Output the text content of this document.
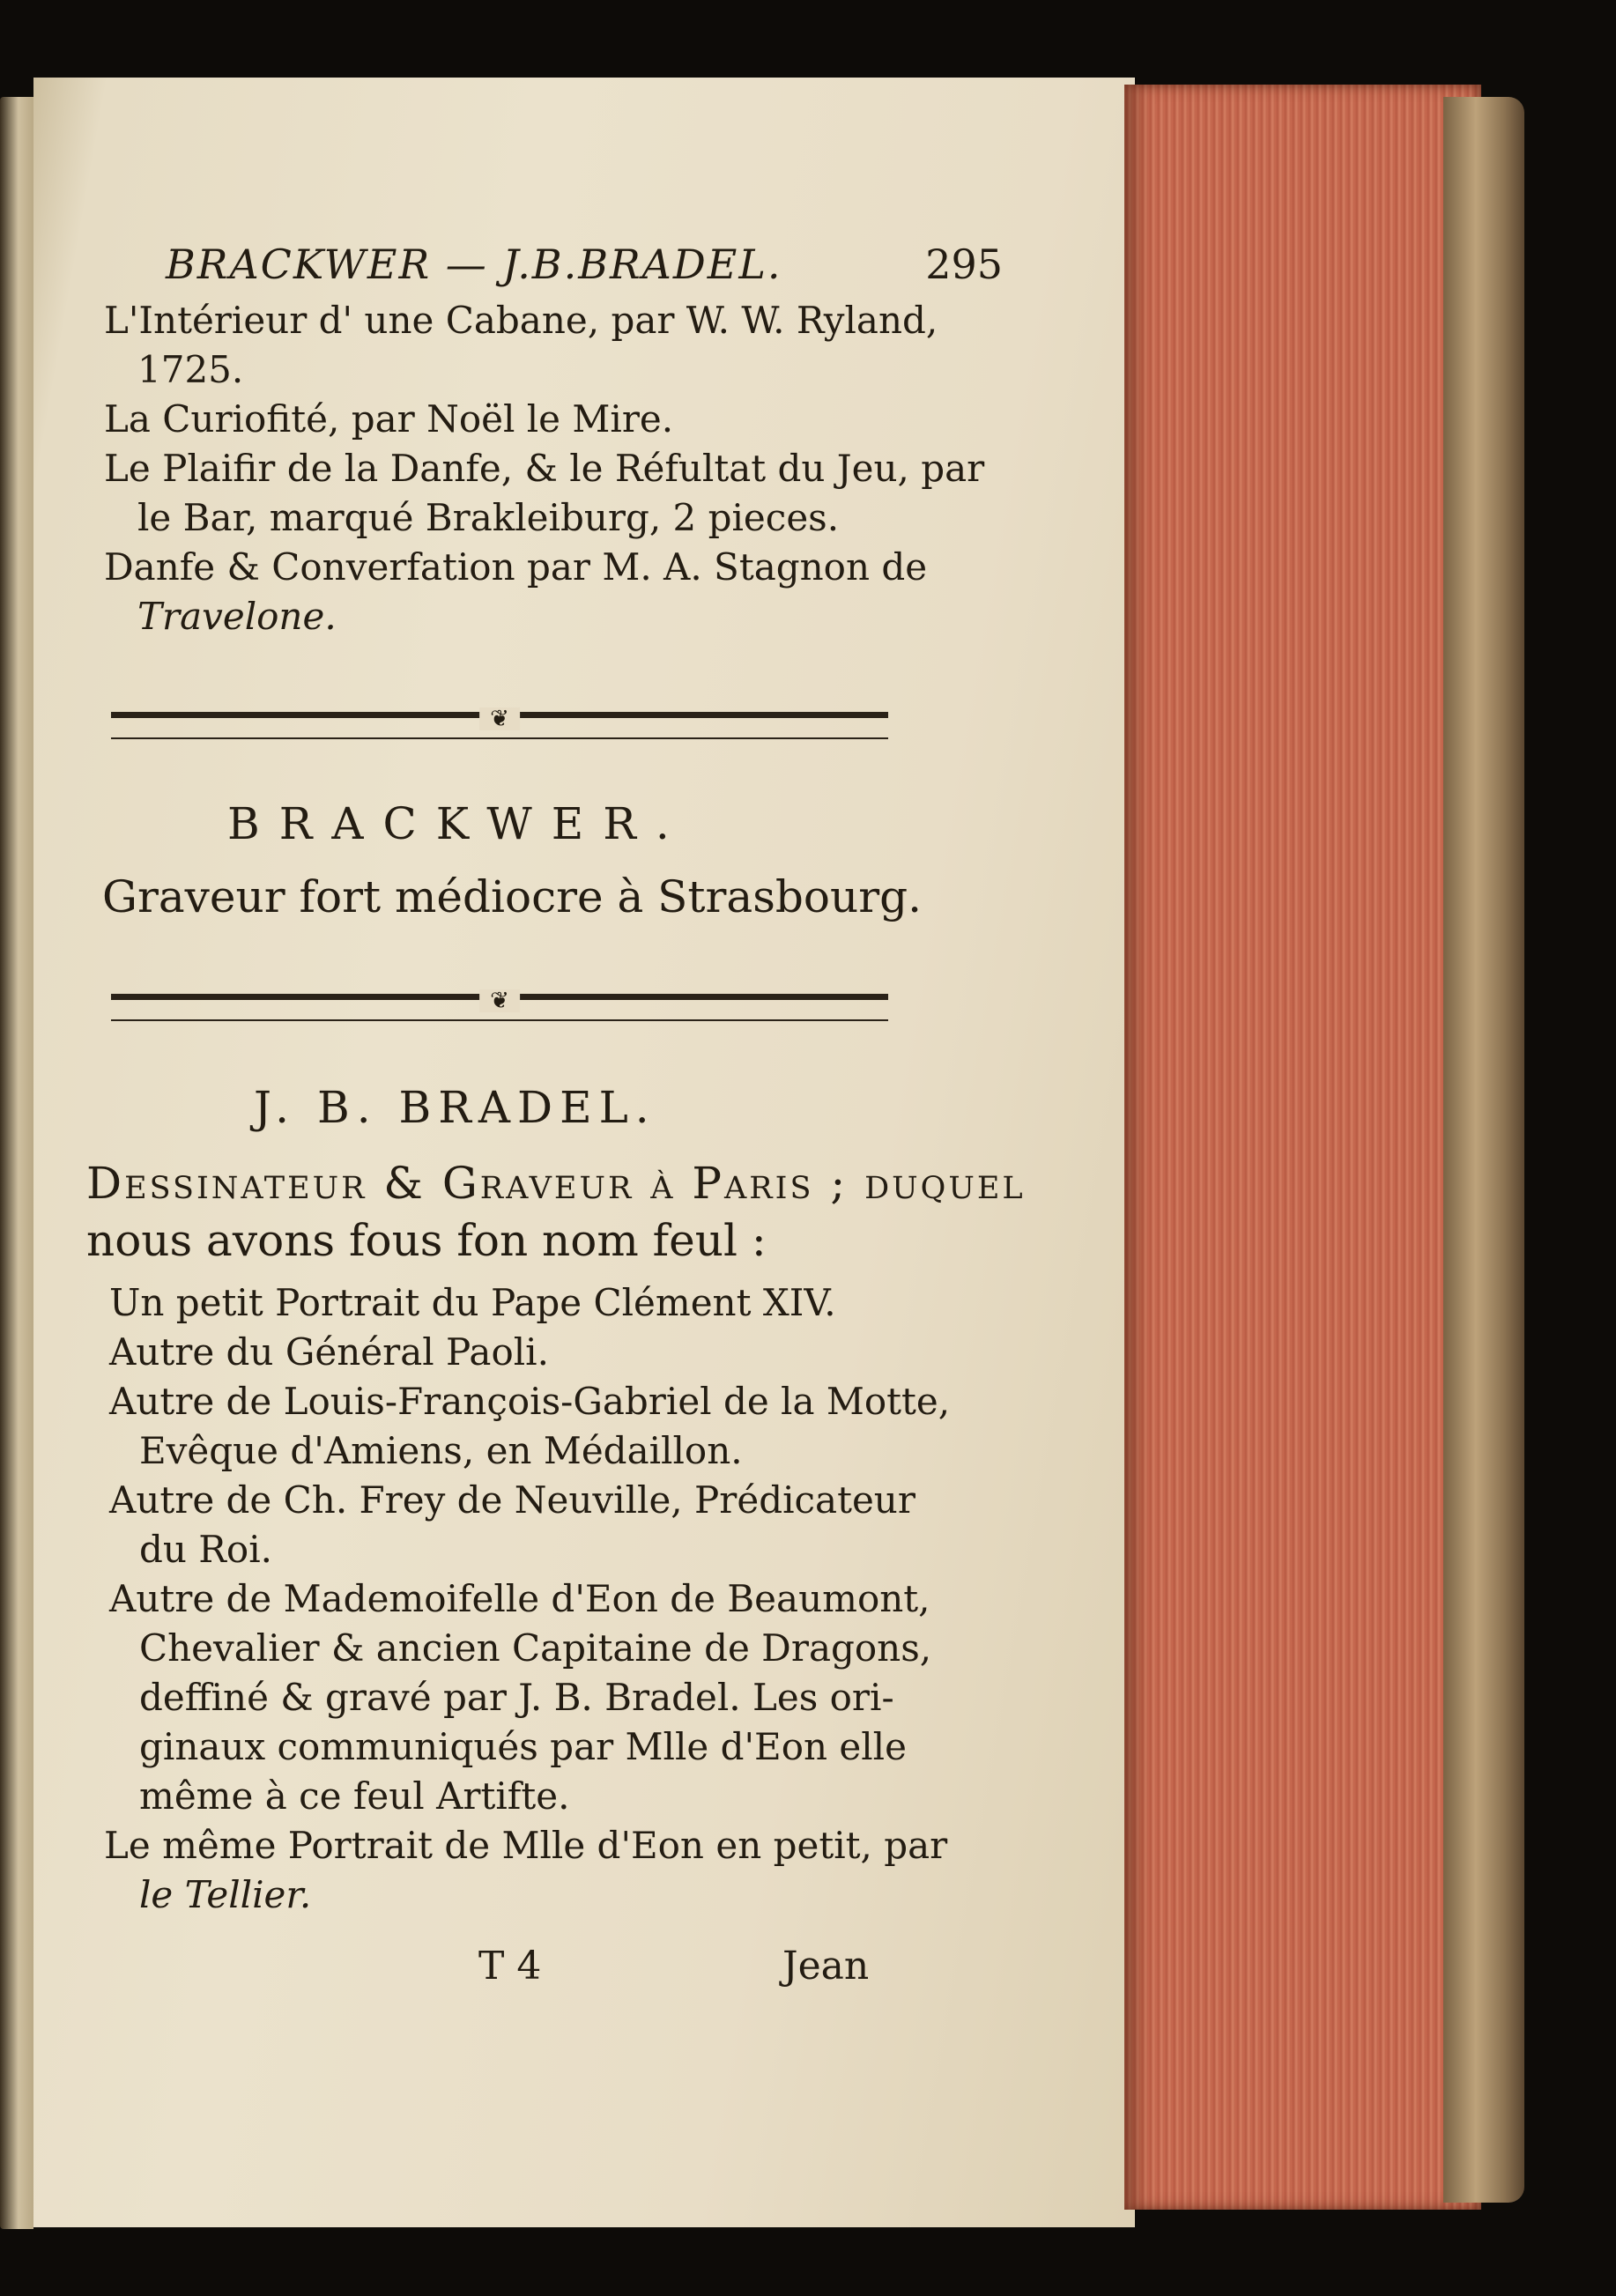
BRACKWER — J.B.BRADEL.	295
L'Intérieur d' une Cabane, par W. W. Ryland,
1725.
La Curiofité, par Noël le Mire.
Le Plaifir de la Danfe, & le Réfultat du Jeu, par
le Bar, marqué Brakleiburg, 2 pieces.
Danfe & Converfation par M. A. Stagnon de
Travelone.
❦
BRACKWER.
Graveur fort médiocre à Strasbourg.
❦
J. B. BRADEL.
Dessinateur & Graveur à Paris ; duquel
nous avons fous fon nom feul :
Un petit Portrait du Pape Clément XIV.
Autre du Général Paoli.
Autre de Louis-François-Gabriel de la Motte,
Evêque d'Amiens, en Médaillon.
Autre de Ch. Frey de Neuville, Prédicateur
du Roi.
Autre de Mademoifelle d'Eon de Beaumont,
Chevalier & ancien Capitaine de Dragons,
deffiné & gravé par J. B. Bradel. Les ori-
ginaux communiqués par Mlle d'Eon elle
même à ce feul Artifte.
Le même Portrait de Mlle d'Eon en petit, par
le Tellier.
T 4	Jean
